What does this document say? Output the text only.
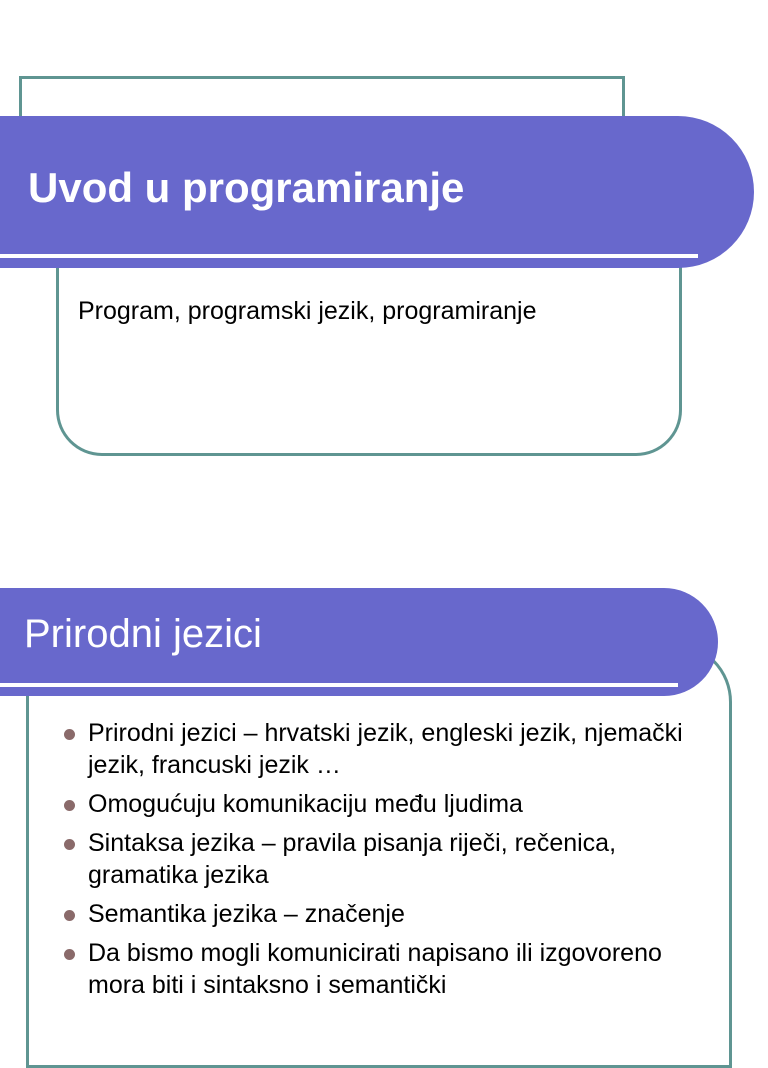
Uvod u programiranje
Program, programski jezik, programiranje
Prirodni jezici
Prirodni jezici – hrvatski jezik, engleski jezik, njemački jezik, francuski jezik …
Omogućuju komunikaciju među ljudima
Sintaksa jezika – pravila pisanja riječi, rečenica, gramatika jezika
Semantika jezika – značenje
Da bismo mogli komunicirati napisano ili izgovoreno mora biti i sintaksno i semantički
